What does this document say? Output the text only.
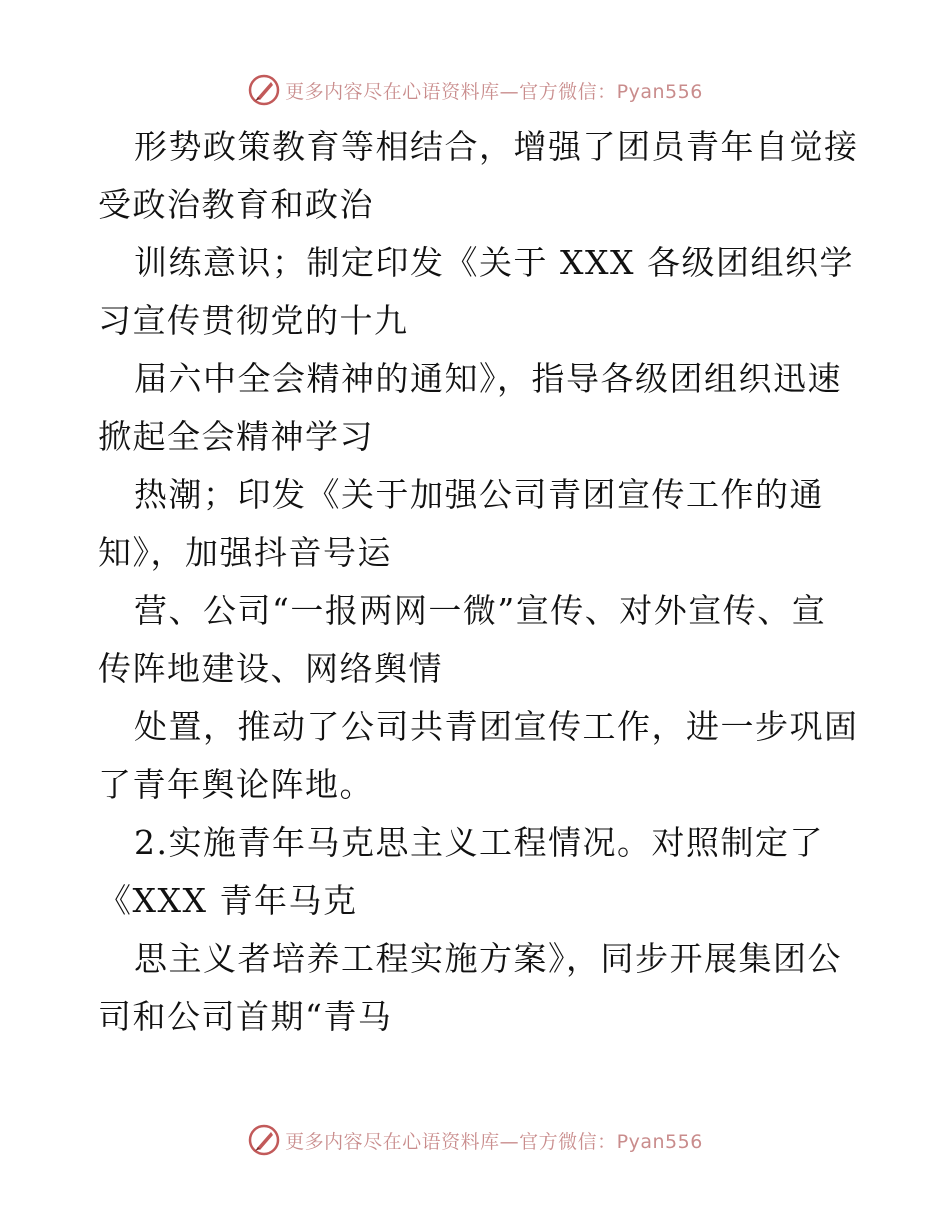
更多内容尽在心语资料库—官方微信：Pyan556
形势政策教育等相结合，增强了团员青年自觉接
受政治教育和政治
训练意识；制定印发《关于 XXX 各级团组织学
习宣传贯彻党的十九
届六中全会精神的通知》，指导各级团组织迅速
掀起全会精神学习
热潮；印发《关于加强公司青团宣传工作的通
知》，加强抖音号运
营、公司“一报两网一微”宣传、对外宣传、宣
传阵地建设、网络舆情
处置，推动了公司共青团宣传工作，进一步巩固
了青年舆论阵地。
2.实施青年马克思主义工程情况。对照制定了
《XXX 青年马克
思主义者培养工程实施方案》，同步开展集团公
司和公司首期“青马
更多内容尽在心语资料库—官方微信：Pyan556
